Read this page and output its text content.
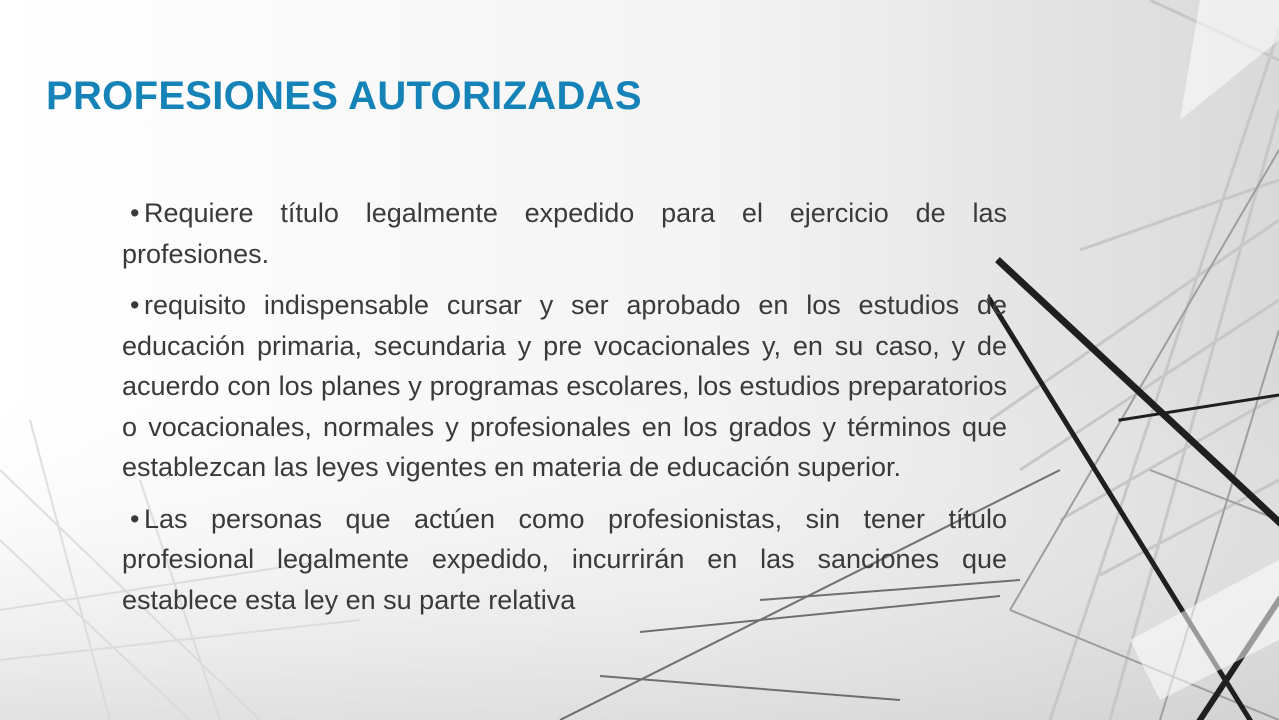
PROFESIONES AUTORIZADAS
• Requiere título legalmente expedido para el ejercicio de las profesiones.
• requisito indispensable cursar y ser aprobado en los estudios de educación primaria, secundaria y pre vocacionales y, en su caso, y de acuerdo con los planes y programas escolares, los estudios preparatorios o vocacionales, normales y profesionales en los grados y términos que establezcan las leyes vigentes en materia de educación superior.
• Las personas que actúen como profesionistas, sin tener título profesional legalmente expedido, incurrirán en las sanciones que establece esta ley en su parte relativa
